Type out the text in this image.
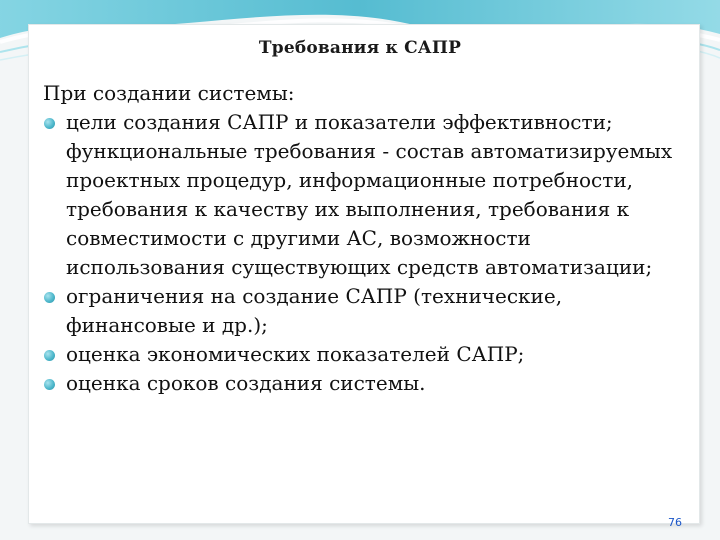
Требования к САПР

При создании системы:

цели создания САПР и показатели эффективности; функциональные требования - состав автоматизируемых проектных процедур, информационные потребности, требования к качеству их выполнения, требования к совместимости с другими АС, возможности использования существующих средств автоматизации;
ограничения на создание САПР (технические, финансовые и др.);
оценка экономических показателей САПР;
оценка сроков создания системы.
76
